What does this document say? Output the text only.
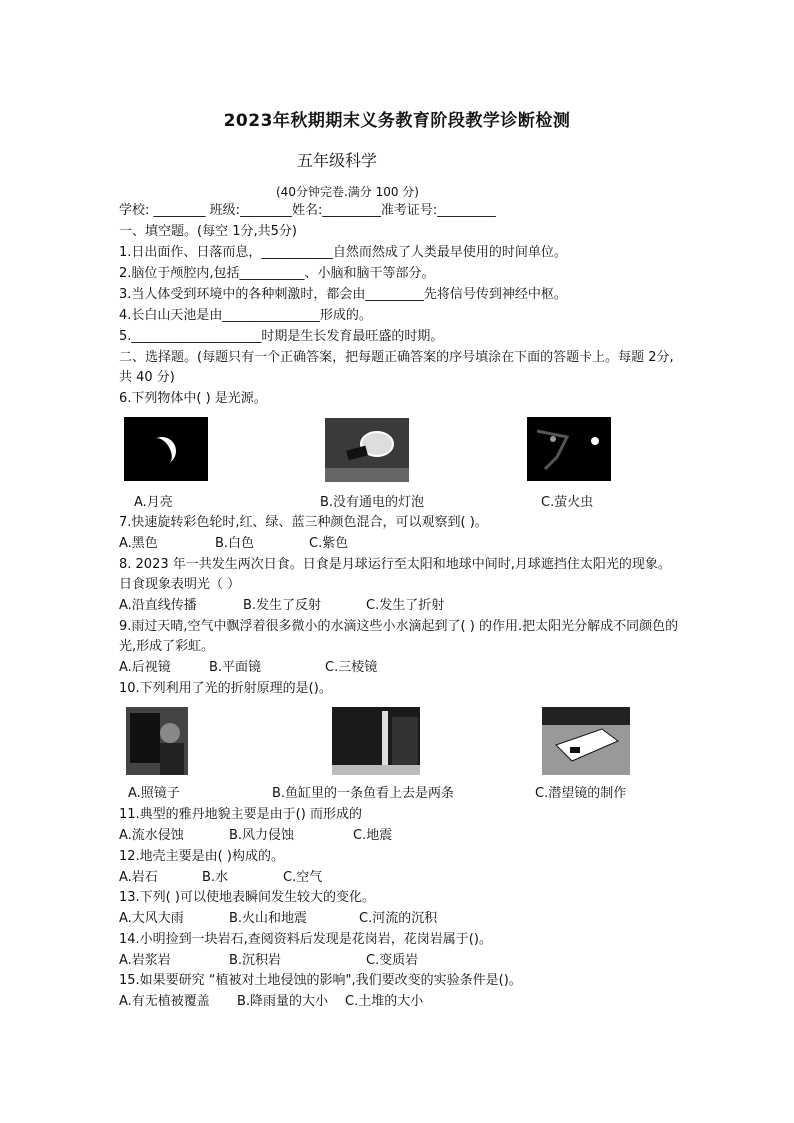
2023年秋期期末义务教育阶段教学诊断检测
五年级科学
(40分钟完卷.满分 100 分)
学校: ________ 班级:________姓名:_________准考证号:_________
一、填空题。(每空 1分,共5分)
1.日出面作、日落而息，___________自然而然成了人类最早使用的时间单位。
2.脑位于颅腔内,包括__________、小脑和脑干等部分。
3.当人体受到环境中的各种刺激时，都会由_________先将信号传到神经中枢。
4.长白山天池是由_______________形成的。
5.____________________时期是生长发育最旺盛的时期。
二、选择题。(每题只有一个正确答案，把每题正确答案的序号填涂在下面的答题卡上。每题 2分,共 40 分)
6.下列物体中( ) 是光源。
A.月亮	B.没有通电的灯泡	C.萤火虫
7.快速旋转彩色轮时,红、绿、蓝三种颜色混合，可以观察到( )。
A.黑色	B.白色	C.紫色
8. 2023 年一共发生两次日食。日食是月球运行至太阳和地球中间时,月球遮挡住太阳光的现象。日食现象表明光（ ）
A.沿直线传播	B.发生了反射	C.发生了折射
9.雨过天晴,空气中飘浮着很多微小的水滴这些小水滴起到了( ) 的作用.把太阳光分解成不同颜色的光,形成了彩虹。
A.后视镜	B.平面镜	C.三棱镜
10.下列利用了光的折射原理的是()。
A.照镜子	B.鱼缸里的一条鱼看上去是两条	C.潜望镜的制作
11.典型的雅丹地貌主要是由于() 而形成的
A.流水侵蚀	B.风力侵蚀	C.地震
12.地壳主要是由( )构成的。
A.岩石	B.水	C.空气
13.下列( )可以使地表瞬间发生较大的变化。
A.大风大雨	B.火山和地震	C.河流的沉积
14.小明捡到一块岩石,查阅资料后发现是花岗岩，花岗岩属于()。
A.岩浆岩	B.沉积岩	C.变质岩
15.如果要研究 “植被对土地侵蚀的影响",我们要改变的实验条件是()。
A.有无植被覆盖 B.降雨量的大小 C.土堆的大小
